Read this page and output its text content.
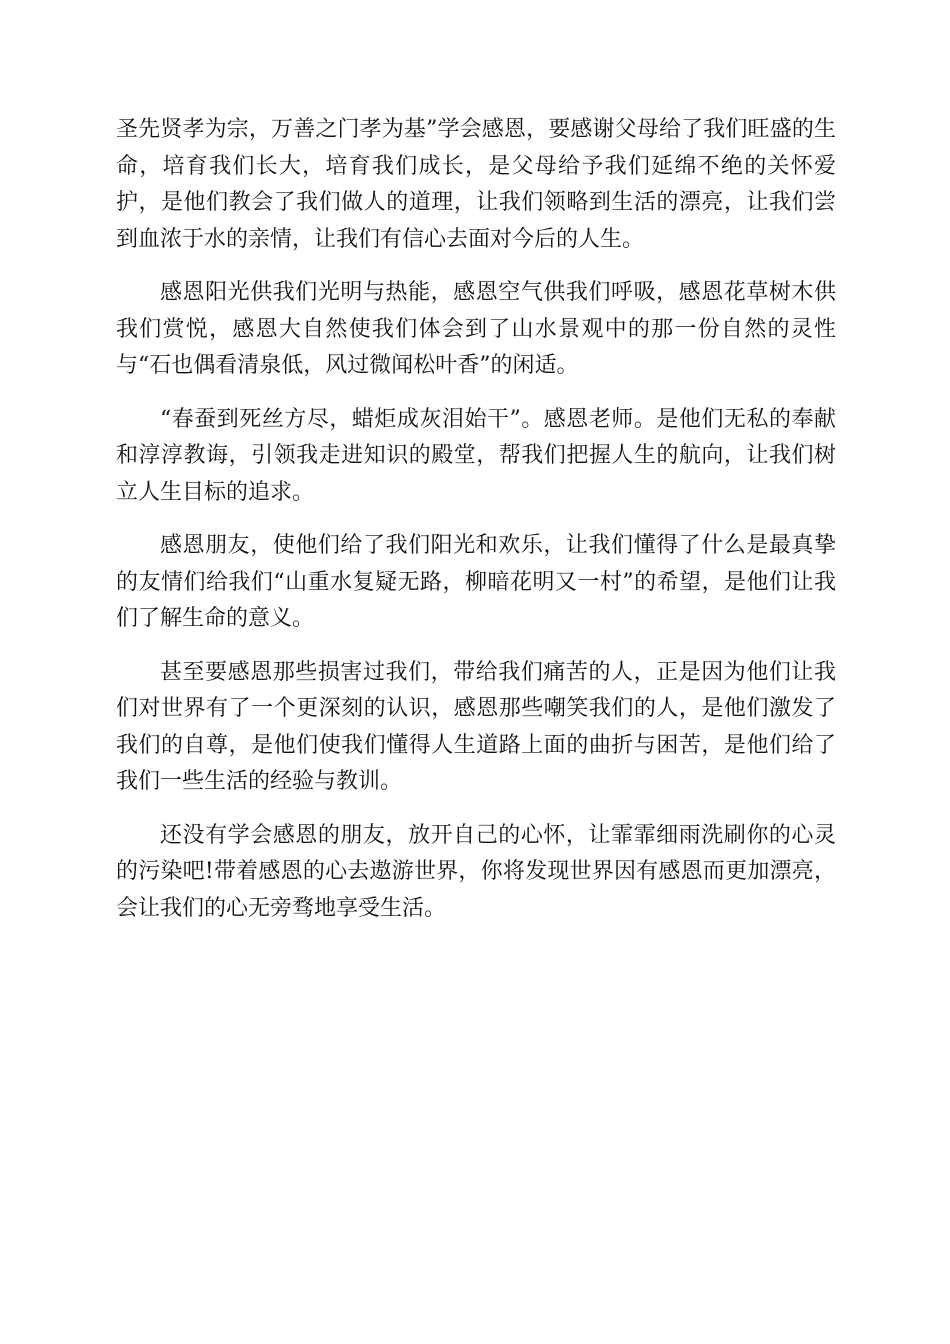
圣先贤孝为宗，万善之门孝为基”学会感恩，要感谢父母给了我们旺盛的生命，培育我们长大，培育我们成长，是父母给予我们延绵不绝的关怀爱护，是他们教会了我们做人的道理，让我们领略到生活的漂亮，让我们尝到血浓于水的亲情，让我们有信心去面对今后的人生。

感恩阳光供我们光明与热能，感恩空气供我们呼吸，感恩花草树木供我们赏悦，感恩大自然使我们体会到了山水景观中的那一份自然的灵性与“石也偶看清泉低，风过微闻松叶香”的闲适。

“春蚕到死丝方尽，蜡炬成灰泪始干”。感恩老师。是他们无私的奉献和淳淳教诲，引领我走进知识的殿堂，帮我们把握人生的航向，让我们树立人生目标的追求。

感恩朋友，使他们给了我们阳光和欢乐，让我们懂得了什么是最真挚的友情们给我们“山重水复疑无路，柳暗花明又一村”的希望，是他们让我们了解生命的意义。

甚至要感恩那些损害过我们，带给我们痛苦的人，正是因为他们让我们对世界有了一个更深刻的认识，感恩那些嘲笑我们的人，是他们激发了我们的自尊，是他们使我们懂得人生道路上面的曲折与困苦，是他们给了我们一些生活的经验与教训。

还没有学会感恩的朋友，放开自己的心怀，让霏霏细雨洗刷你的心灵的污染吧!带着感恩的心去遨游世界，你将发现世界因有感恩而更加漂亮，会让我们的心无旁骛地享受生活。
